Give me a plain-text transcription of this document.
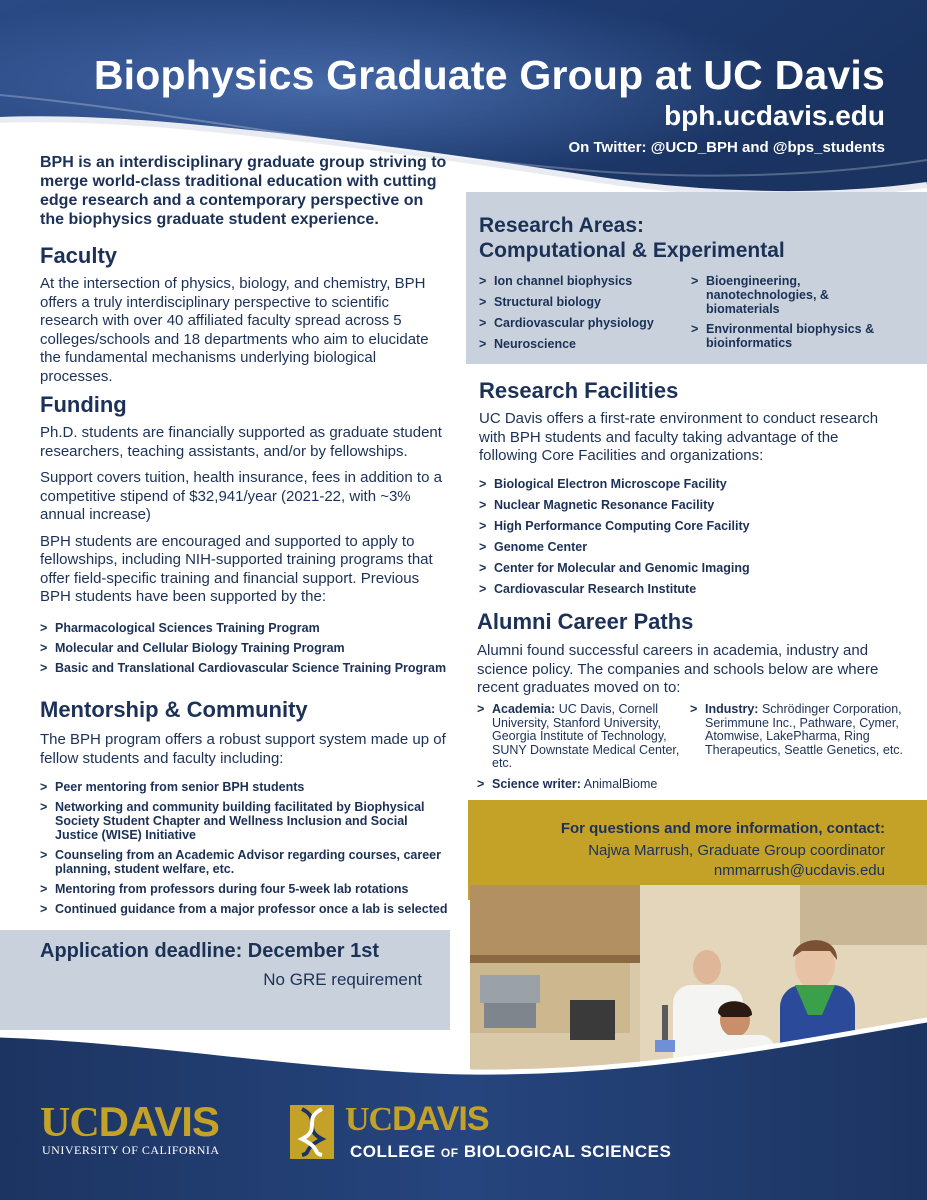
Biophysics Graduate Group at UC Davis
bph.ucdavis.edu
On Twitter: @UCD_BPH and @bps_students
BPH is an interdisciplinary graduate group striving to merge world-class traditional education with cutting edge research and a contemporary perspective on the biophysics graduate student experience.
Faculty

At the intersection of physics, biology, and chemistry, BPH offers a truly interdisciplinary perspective to scientific research with over 40 affiliated faculty spread across 5 colleges/schools and 18 departments who aim to elucidate the fundamental mechanisms underlying biological processes.

Funding

Ph.D. students are financially supported as graduate student researchers, teaching assistants, and/or by fellowships.

Support covers tuition, health insurance, fees in addition to a competitive stipend of $32,941/year (2021-22, with ~3% annual increase)

BPH students are encouraged and supported to apply to fellowships, including NIH-supported training programs that offer field-specific training and financial support. Previous BPH students have been supported by the:

> Pharmacological Sciences Training Program
> Molecular and Cellular Biology Training Program
> Basic and Translational Cardiovascular Science Training Program
Mentorship & Community

The BPH program offers a robust support system made up of fellow students and faculty including:

> Peer mentoring from senior BPH students
> Networking and community building facilitated by Biophysical Society Student Chapter and Wellness Inclusion and Social Justice (WISE) Initiative
> Counseling from an Academic Advisor regarding courses, career planning, student welfare, etc.
> Mentoring from professors during four 5-week lab rotations
> Continued guidance from a major professor once a lab is selected
Application deadline: December 1st
No GRE requirement
Research Areas:
Computational & Experimental
> Ion channel biophysics
> Structural biology
> Cardiovascular physiology
> Neuroscience
> Bioengineering, nanotechnologies, & biomaterials
> Environmental biophysics & bioinformatics
Research Facilities

UC Davis offers a first-rate environment to conduct research with BPH students and faculty taking advantage of the following Core Facilities and organizations:

> Biological Electron Microscope Facility
> Nuclear Magnetic Resonance Facility
> High Performance Computing Core Facility
> Genome Center
> Center for Molecular and Genomic Imaging
> Cardiovascular Research Institute
Alumni Career Paths

Alumni found successful careers in academia, industry and science policy. The companies and schools below are where recent graduates moved on to:

> Academia: UC Davis, Cornell University, Stanford University, Georgia Institute of Technology, SUNY Downstate Medical Center, etc.
> Science writer: AnimalBiome
> Industry: Schrödinger Corporation, Serimmune Inc., Pathware, Cymer, Atomwise, LakePharma, Ring Therapeutics, Seattle Genetics, etc.
For questions and more information, contact:
Najwa Marrush, Graduate Group coordinator
nmmarrush@ucdavis.edu
UCDAVIS
UNIVERSITY OF CALIFORNIA
UCDAVIS
COLLEGE OF BIOLOGICAL SCIENCES
